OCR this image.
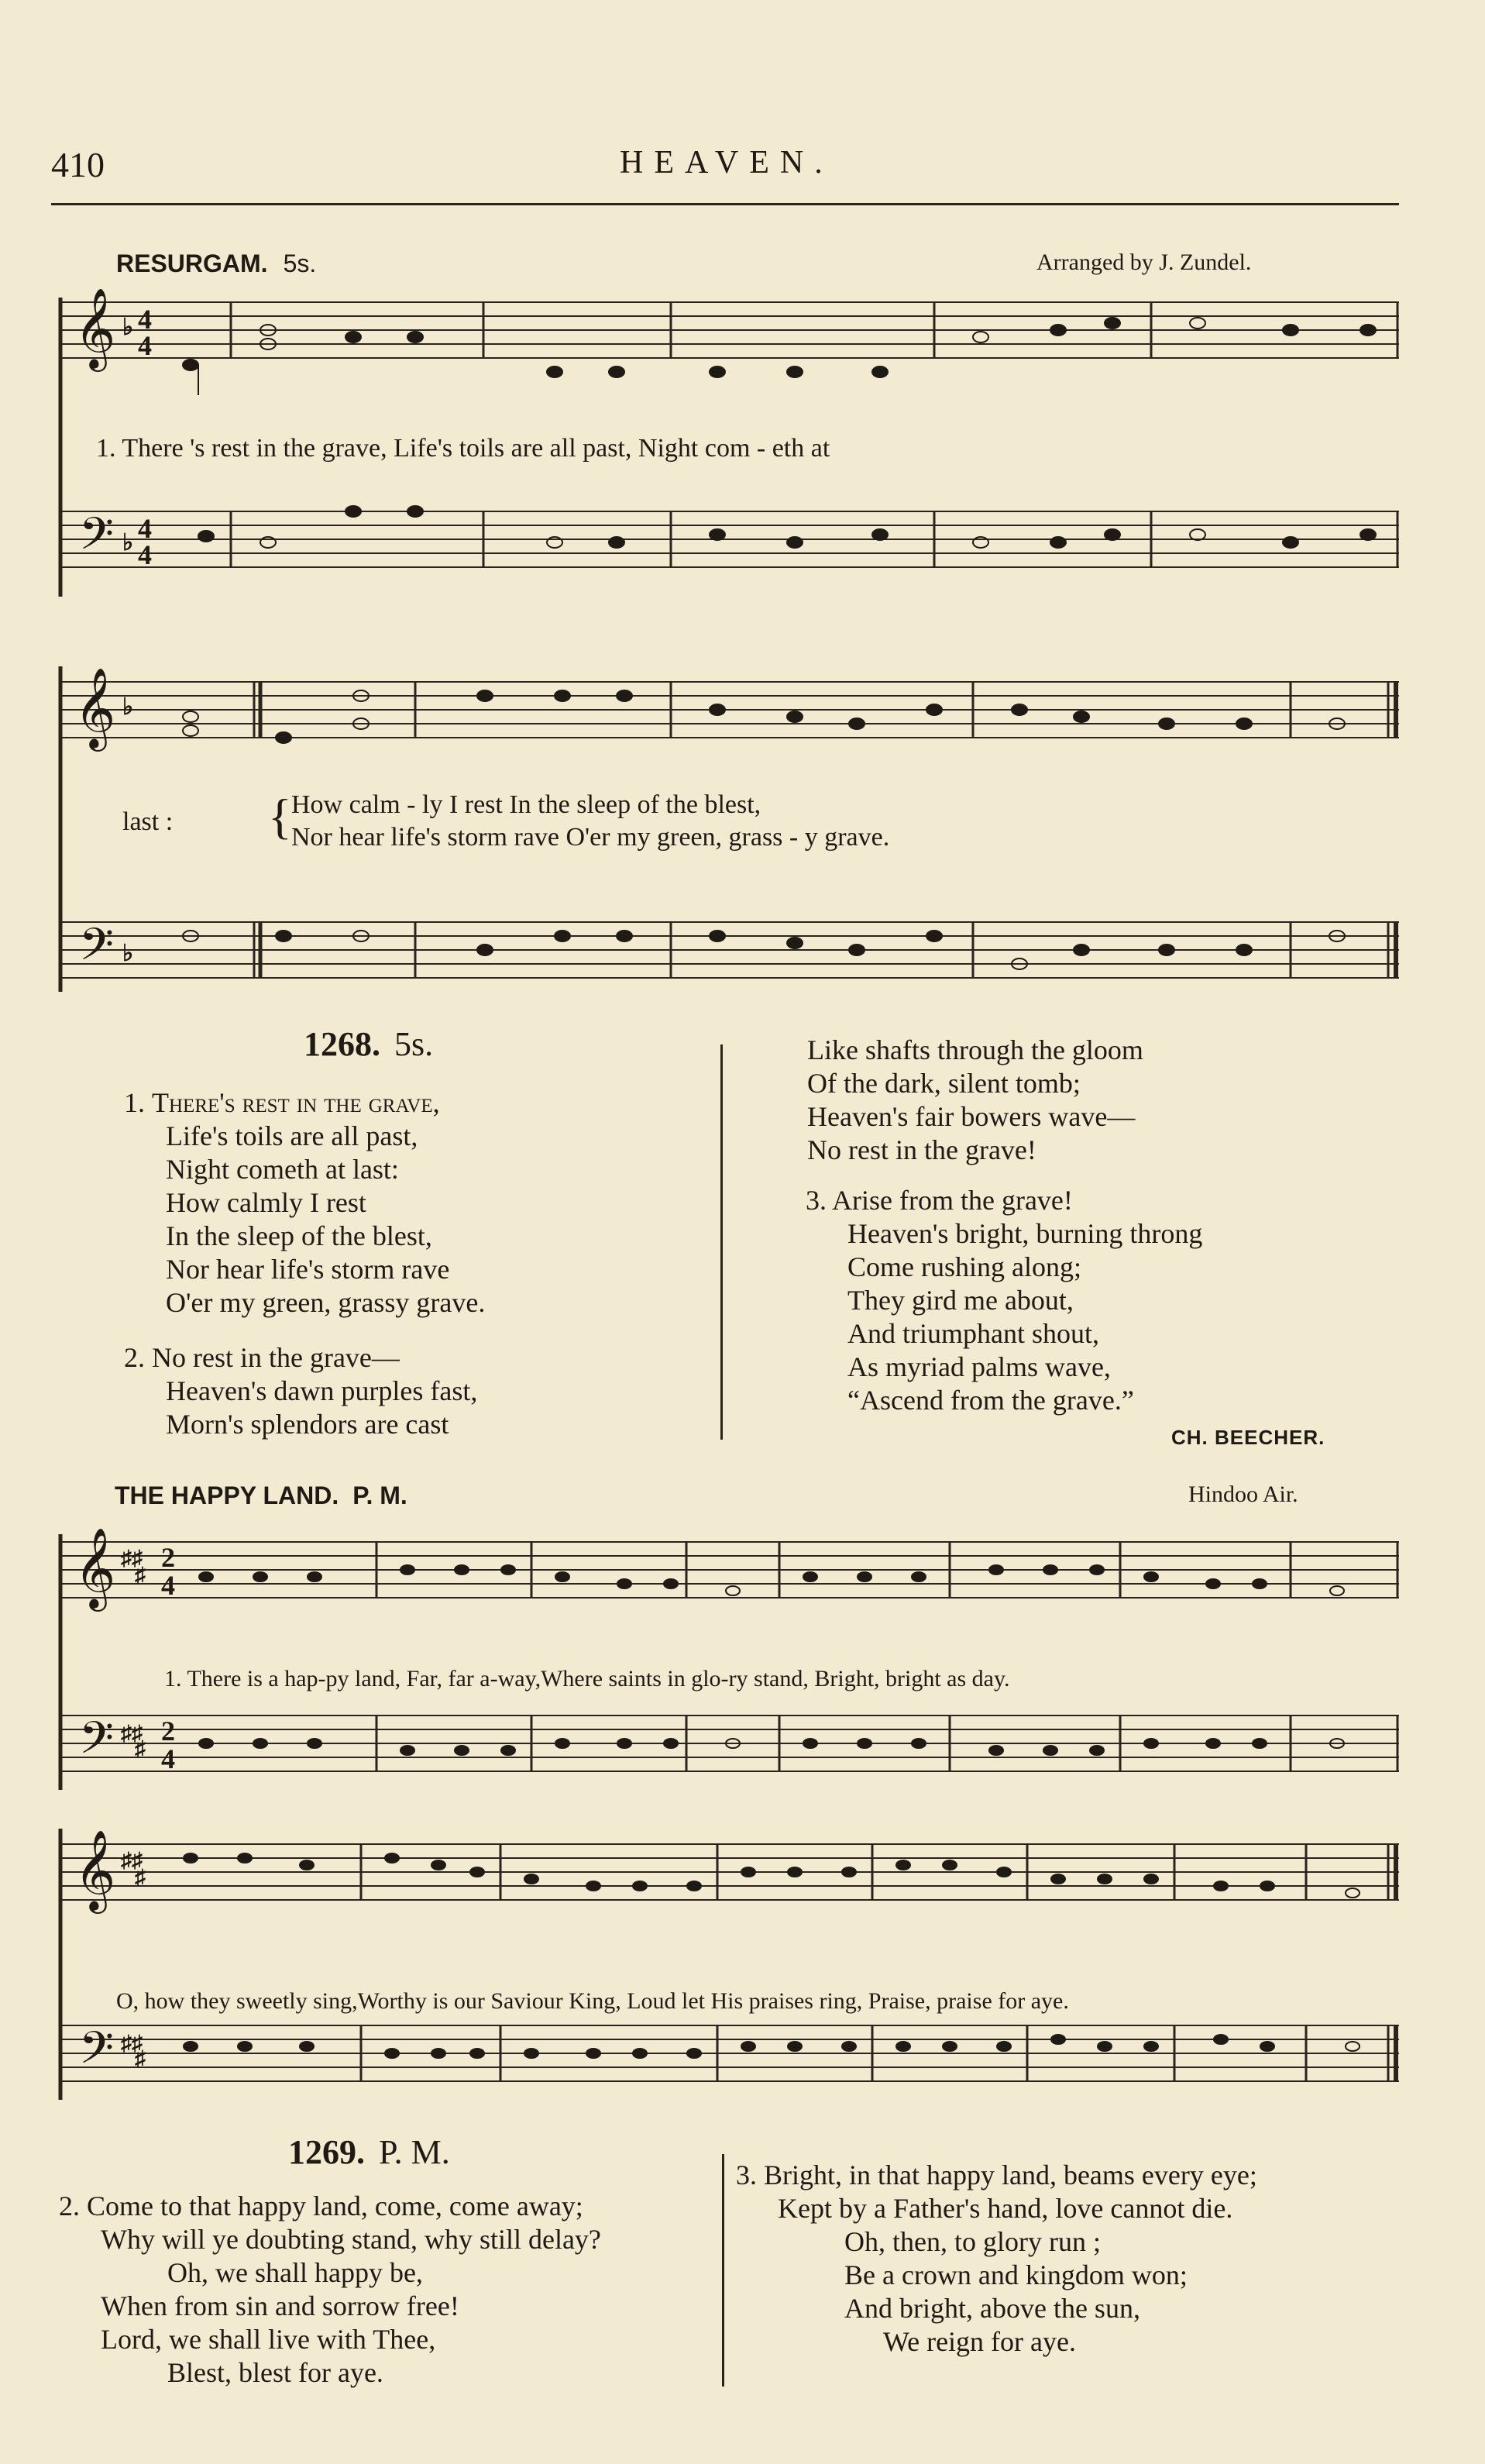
410	HEAVEN.
RESURGAM. 5s.	Arranged by J. Zundel.
𝄞
𝄢
♭ 4
4
♭ 4
4
1. There 's rest in the grave, Life's toils are all past, Night com - eth at
𝄞
𝄢
♭
♭
last : { How calm - ly I rest In the sleep of the blest,
Nor hear life's storm rave O'er my green, grass - y grave.
1268. 5s.
1. There's rest in the grave,
Life's toils are all past,
Night cometh at last:
How calmly I rest
In the sleep of the blest,
Nor hear life's storm rave
O'er my green, grassy grave.
2. No rest in the grave—
Heaven's dawn purples fast,
Morn's splendors are cast
Like shafts through the gloom
Of the dark, silent tomb;
Heaven's fair bowers wave—
No rest in the grave!
3. Arise from the grave!
Heaven's bright, burning throng
Come rushing along;
They gird me about,
And triumphant shout,
As myriad palms wave,
“Ascend from the grave.”
CH. BEECHER.
THE HAPPY LAND. P. M.	Hindoo Air.
𝄞
𝄢
♯♯
♯
2
4
♯♯
♯
2
4
1. There is a hap-py land, Far, far a-way,Where saints in glo-ry stand, Bright, bright as day.
𝄞
𝄢
♯♯
♯
♯♯
♯
O, how they sweetly sing,Worthy is our Saviour King, Loud let His praises ring, Praise, praise for aye.
1269. P. M.
2. Come to that happy land, come, come away;
Why will ye doubting stand, why still delay?
Oh, we shall happy be,
When from sin and sorrow free!
Lord, we shall live with Thee,
Blest, blest for aye.
3. Bright, in that happy land, beams every eye;
Kept by a Father's hand, love cannot die.
Oh, then, to glory run ;
Be a crown and kingdom won;
And bright, above the sun,
We reign for aye.
